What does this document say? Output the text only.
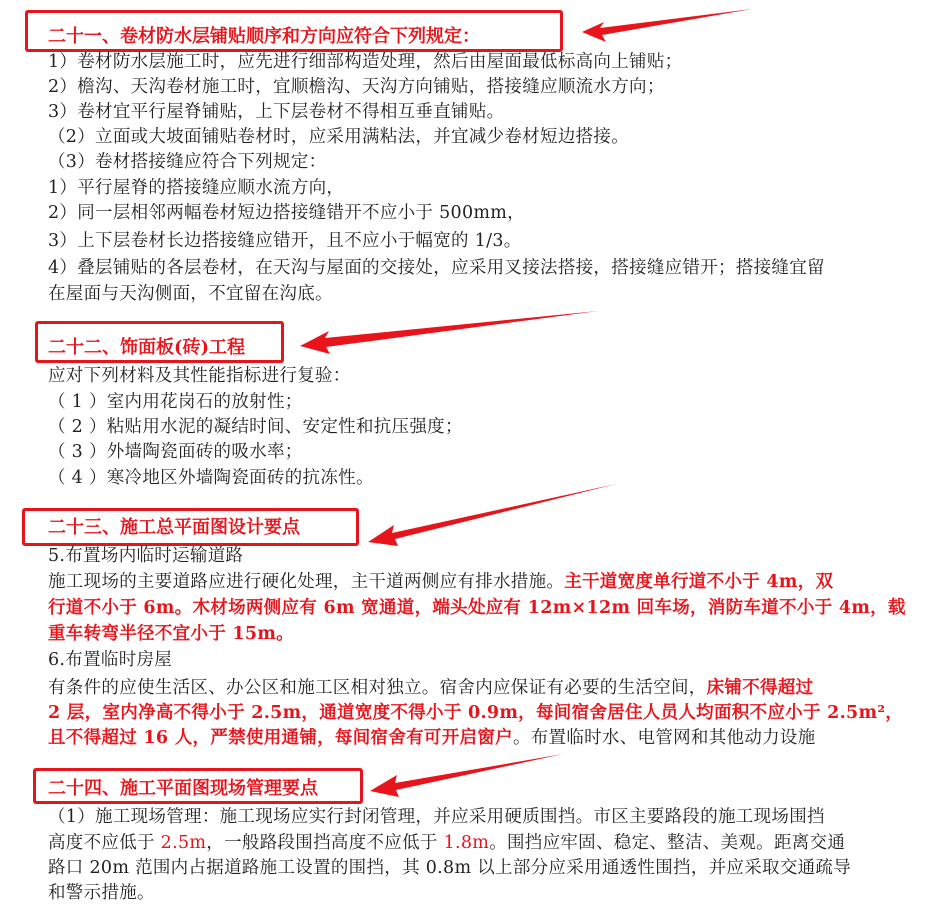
二十一、卷材防水层铺贴顺序和方向应符合下列规定：
1）卷材防水层施工时，应先进行细部构造处理，然后由屋面最低标高向上铺贴；
2）檐沟、天沟卷材施工时，宜顺檐沟、天沟方向铺贴，搭接缝应顺流水方向；
3）卷材宜平行屋脊铺贴，上下层卷材不得相互垂直铺贴。
（2）立面或大坡面铺贴卷材时，应采用满粘法，并宜减少卷材短边搭接。
（3）卷材搭接缝应符合下列规定：
1）平行屋脊的搭接缝应顺水流方向，
2）同一层相邻两幅卷材短边搭接缝错开不应小于 500mm，
3）上下层卷材长边搭接缝应错开，且不应小于幅宽的 1/3。
4）叠层铺贴的各层卷材，在天沟与屋面的交接处，应采用叉接法搭接，搭接缝应错开；搭接缝宜留
在屋面与天沟侧面，不宜留在沟底。
二十二、饰面板(砖)工程
应对下列材料及其性能指标进行复验：
（ 1 ）室内用花岗石的放射性；
（ 2 ）粘贴用水泥的凝结时间、安定性和抗压强度；
（ 3 ）外墙陶瓷面砖的吸水率；
（ 4 ）寒冷地区外墙陶瓷面砖的抗冻性。
二十三、施工总平面图设计要点
5.布置场内临时运输道路
施工现场的主要道路应进行硬化处理，主干道两侧应有排水措施。主干道宽度单行道不小于 4m，双
行道不小于 6m。木材场两侧应有 6m 宽通道，端头处应有 12m×12m 回车场，消防车道不小于 4m，载
重车转弯半径不宜小于 15m。
6.布置临时房屋
有条件的应使生活区、办公区和施工区相对独立。宿舍内应保证有必要的生活空间，床铺不得超过
2 层，室内净高不得小于 2.5m，通道宽度不得小于 0.9m，每间宿舍居住人员人均面积不应小于 2.5m²，
且不得超过 16 人，严禁使用通铺，每间宿舍有可开启窗户。布置临时水、电管网和其他动力设施
二十四、施工平面图现场管理要点
（1）施工现场管理：施工现场应实行封闭管理，并应采用硬质围挡。市区主要路段的施工现场围挡
高度不应低于 2.5m，一般路段围挡高度不应低于 1.8m。围挡应牢固、稳定、整洁、美观。距离交通
路口 20m 范围内占据道路施工设置的围挡，其 0.8m 以上部分应采用通透性围挡，并应采取交通疏导
和警示措施。
